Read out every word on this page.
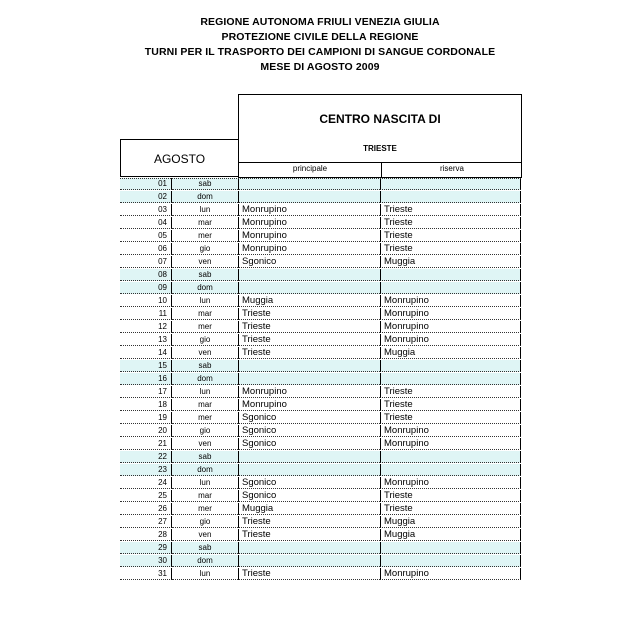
REGIONE AUTONOMA FRIULI VENEZIA GIULIA
PROTEZIONE CIVILE DELLA REGIONE
TURNI PER IL TRASPORTO DEI CAMPIONI DI SANGUE CORDONALE
MESE DI AGOSTO 2009
AGOSTO
CENTRO NASCITA DI
TRIESTE
principale	riserva
01	sab
02	dom
03	lun	Monrupino	Trieste
04	mar	Monrupino	Trieste
05	mer	Monrupino	Trieste
06	gio	Monrupino	Trieste
07	ven	Sgonico	Muggia
08	sab
09	dom
10	lun	Muggia	Monrupino
11	mar	Trieste	Monrupino
12	mer	Trieste	Monrupino
13	gio	Trieste	Monrupino
14	ven	Trieste	Muggia
15	sab
16	dom
17	lun	Monrupino	Trieste
18	mar	Monrupino	Trieste
19	mer	Sgonico	Trieste
20	gio	Sgonico	Monrupino
21	ven	Sgonico	Monrupino
22	sab
23	dom
24	lun	Sgonico	Monrupino
25	mar	Sgonico	Trieste
26	mer	Muggia	Trieste
27	gio	Trieste	Muggia
28	ven	Trieste	Muggia
29	sab
30	dom
31	lun	Trieste	Monrupino
